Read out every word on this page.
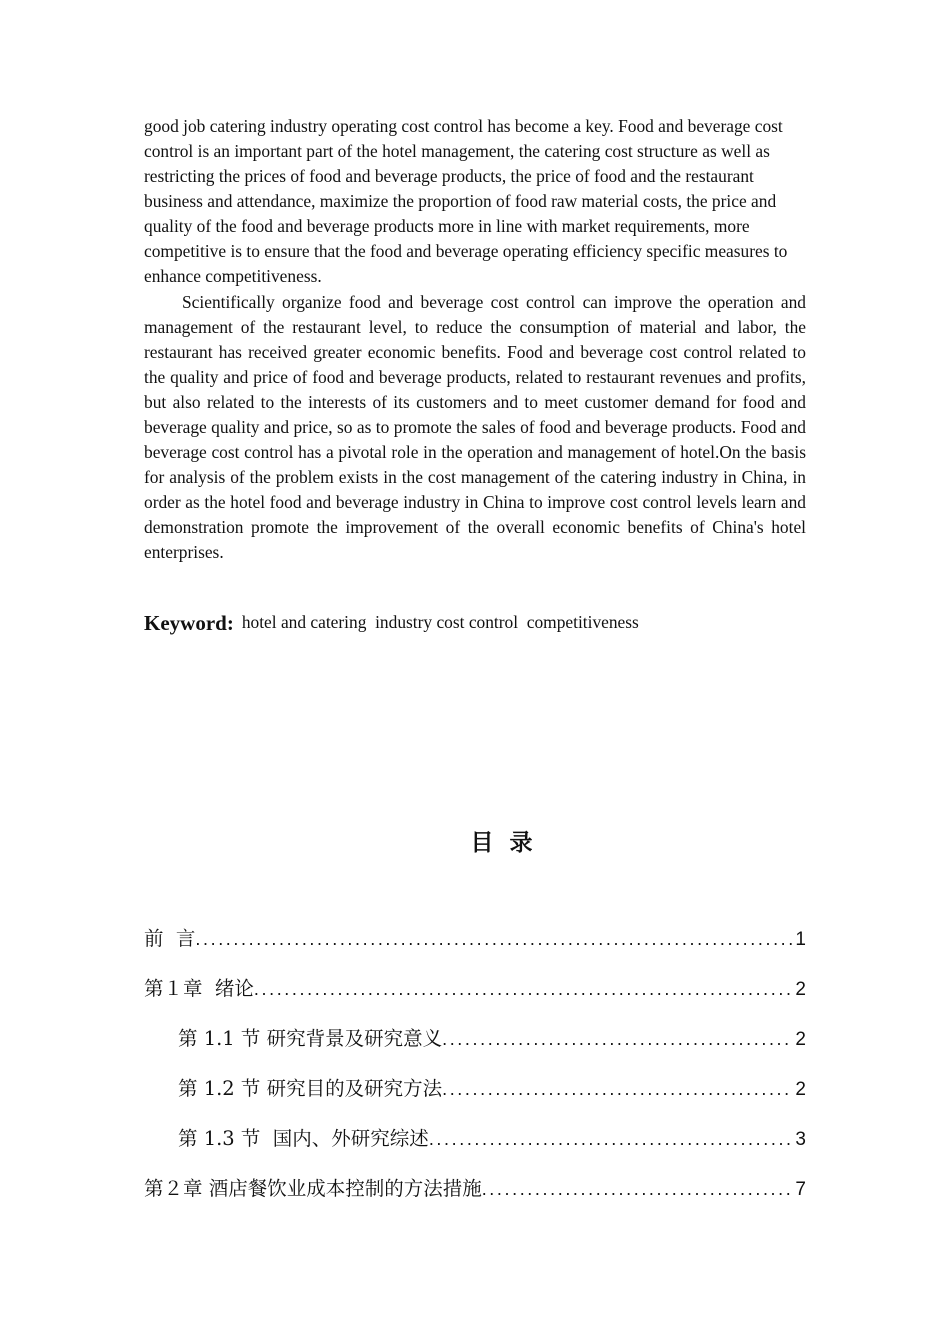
good job catering industry operating cost control has become a key. Food and beverage cost control is an important part of the hotel management, the catering cost structure as well as restricting the prices of food and beverage products, the price of food and the restaurant business and attendance, maximize the proportion of food raw material costs, the price and quality of the food and beverage products more in line with market requirements, more competitive is to ensure that the food and beverage operating efficiency specific measures to enhance competitiveness.

Scientifically organize food and beverage cost control can improve the operation and management of the restaurant level, to reduce the consumption of material and labor, the restaurant has received greater economic benefits. Food and beverage cost control related to the quality and price of food and beverage products, related to restaurant revenues and profits, but also related to the interests of its customers and to meet customer demand for food and beverage quality and price, so as to promote the sales of food and beverage products. Food and beverage cost control has a pivotal role in the operation and management of hotel.On the basis for analysis of the problem exists in the cost management of the catering industry in China, in order as the hotel food and beverage industry in China to improve cost control levels learn and demonstration promote the improvement of the overall economic benefits of China's hotel enterprises.

Keyword: hotel and catering  industry cost control  competitiveness
目  录
前  言 .....	1
第１章  绪论 .....	2
第 1.1 节 研究背景及研究意义 .....	2
第 1.2 节 研究目的及研究方法 .....	2
第 1.3 节  国内、外研究综述 .....	3
第２章 酒店餐饮业成本控制的方法措施 .....	7
